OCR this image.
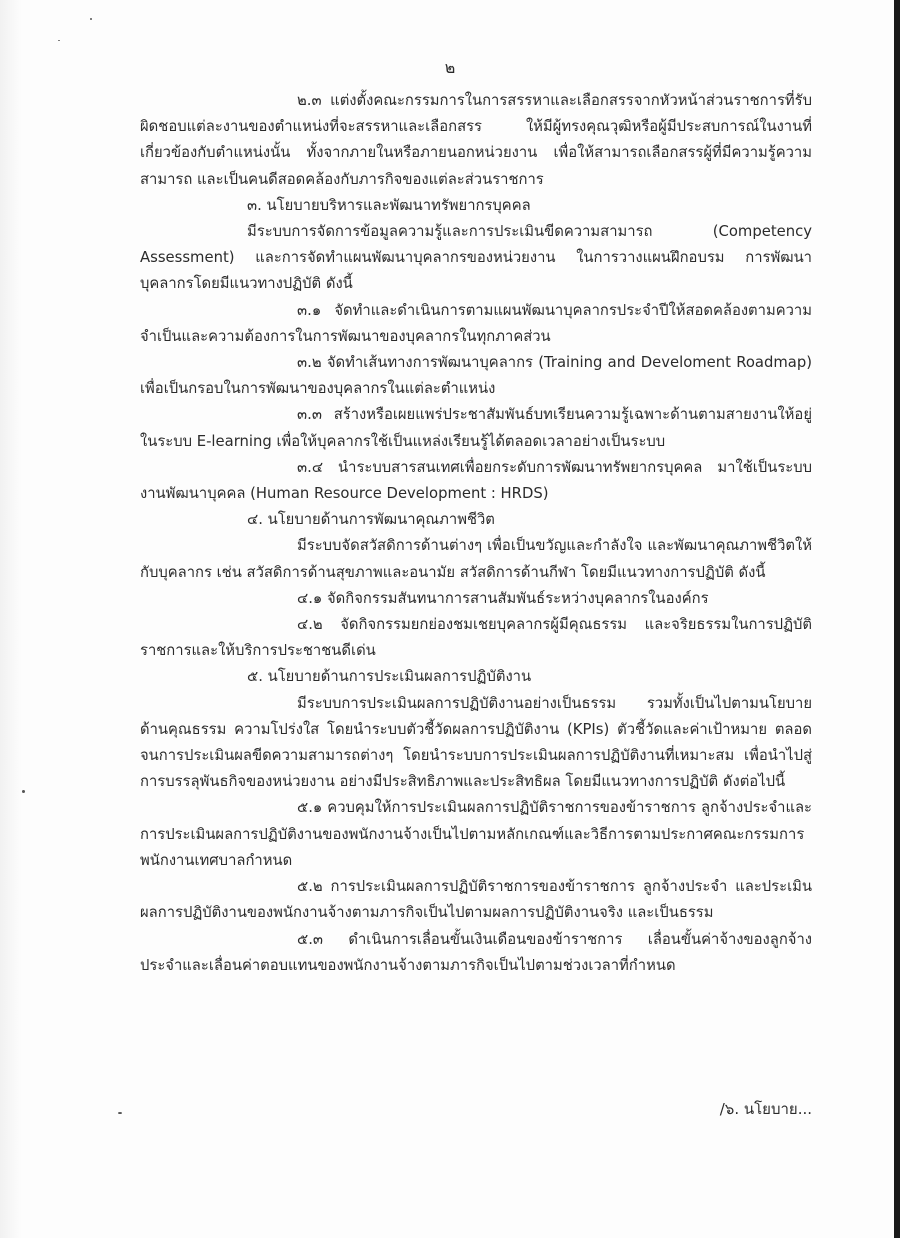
๒

๒.๓ แต่งตั้งคณะกรรมการในการสรรหาและเลือกสรรจากหัวหน้าส่วนราชการที่รับผิดชอบแต่ละงานของตำแหน่งที่จะสรรหาและเลือกสรร ให้มีผู้ทรงคุณวุฒิหรือผู้มีประสบการณ์ในงานที่เกี่ยวข้องกับตำแหน่งนั้น ทั้งจากภายในหรือภายนอกหน่วยงาน เพื่อให้สามารถเลือกสรรผู้ที่มีความรู้ความสามารถ และเป็นคนดีสอดคล้องกับภารกิจของแต่ละส่วนราชการ

๓. นโยบายบริหารและพัฒนาทรัพยากรบุคคล

มีระบบการจัดการข้อมูลความรู้และการประเมินขีดความสามารถ (Competency Assessment) และการจัดทำแผนพัฒนาบุคลากรของหน่วยงาน ในการวางแผนฝึกอบรม การพัฒนาบุคลากรโดยมีแนวทางปฏิบัติ ดังนี้

๓.๑ จัดทำและดำเนินการตามแผนพัฒนาบุคลากรประจำปีให้สอดคล้องตามความจำเป็นและความต้องการในการพัฒนาของบุคลากรในทุกภาคส่วน

๓.๒ จัดทำเส้นทางการพัฒนาบุคลากร (Training and Develoment Roadmap) เพื่อเป็นกรอบในการพัฒนาของบุคลากรในแต่ละตำแหน่ง

๓.๓ สร้างหรือเผยแพร่ประชาสัมพันธ์บทเรียนความรู้เฉพาะด้านตามสายงานให้อยู่ในระบบ E-learning เพื่อให้บุคลากรใช้เป็นแหล่งเรียนรู้ได้ตลอดเวลาอย่างเป็นระบบ

๓.๔ นำระบบสารสนเทศเพื่อยกระดับการพัฒนาทรัพยากรบุคคล มาใช้เป็นระบบงานพัฒนาบุคคล (Human Resource Development : HRDS)

๔. นโยบายด้านการพัฒนาคุณภาพชีวิต

มีระบบจัดสวัสดิการด้านต่างๆ เพื่อเป็นขวัญและกำลังใจ และพัฒนาคุณภาพชีวิตให้กับบุคลากร เช่น สวัสดิการด้านสุขภาพและอนามัย สวัสดิการด้านกีฬา โดยมีแนวทางการปฏิบัติ ดังนี้

๔.๑ จัดกิจกรรมสันทนาการสานสัมพันธ์ระหว่างบุคลากรในองค์กร

๔.๒ จัดกิจกรรมยกย่องชมเชยบุคลากรผู้มีคุณธรรม และจริยธรรมในการปฏิบัติราชการและให้บริการประชาชนดีเด่น

๕. นโยบายด้านการประเมินผลการปฏิบัติงาน

มีระบบการประเมินผลการปฏิบัติงานอย่างเป็นธรรม รวมทั้งเป็นไปตามนโยบายด้านคุณธรรม ความโปร่งใส โดยนำระบบตัวชี้วัดผลการปฏิบัติงาน (KPIs) ตัวชี้วัดและค่าเป้าหมาย ตลอดจนการประเมินผลขีดความสามารถต่างๆ โดยนำระบบการประเมินผลการปฏิบัติงานที่เหมาะสม เพื่อนำไปสู่การบรรลุพันธกิจของหน่วยงาน อย่างมีประสิทธิภาพและประสิทธิผล โดยมีแนวทางการปฏิบัติ ดังต่อไปนี้

๕.๑ ควบคุมให้การประเมินผลการปฏิบัติราชการของข้าราชการ ลูกจ้างประจำและการประเมินผลการปฏิบัติงานของพนักงานจ้างเป็นไปตามหลักเกณฑ์และวิธีการตามประกาศคณะกรรมการพนักงานเทศบาลกำหนด

๕.๒ การประเมินผลการปฏิบัติราชการของข้าราชการ ลูกจ้างประจำ และประเมินผลการปฏิบัติงานของพนักงานจ้างตามภารกิจเป็นไปตามผลการปฏิบัติงานจริง และเป็นธรรม

๕.๓ ดำเนินการเลื่อนขั้นเงินเดือนของข้าราชการ เลื่อนขั้นค่าจ้างของลูกจ้างประจำและเลื่อนค่าตอบแทนของพนักงานจ้างตามภารกิจเป็นไปตามช่วงเวลาที่กำหนด

/๖. นโยบาย...
